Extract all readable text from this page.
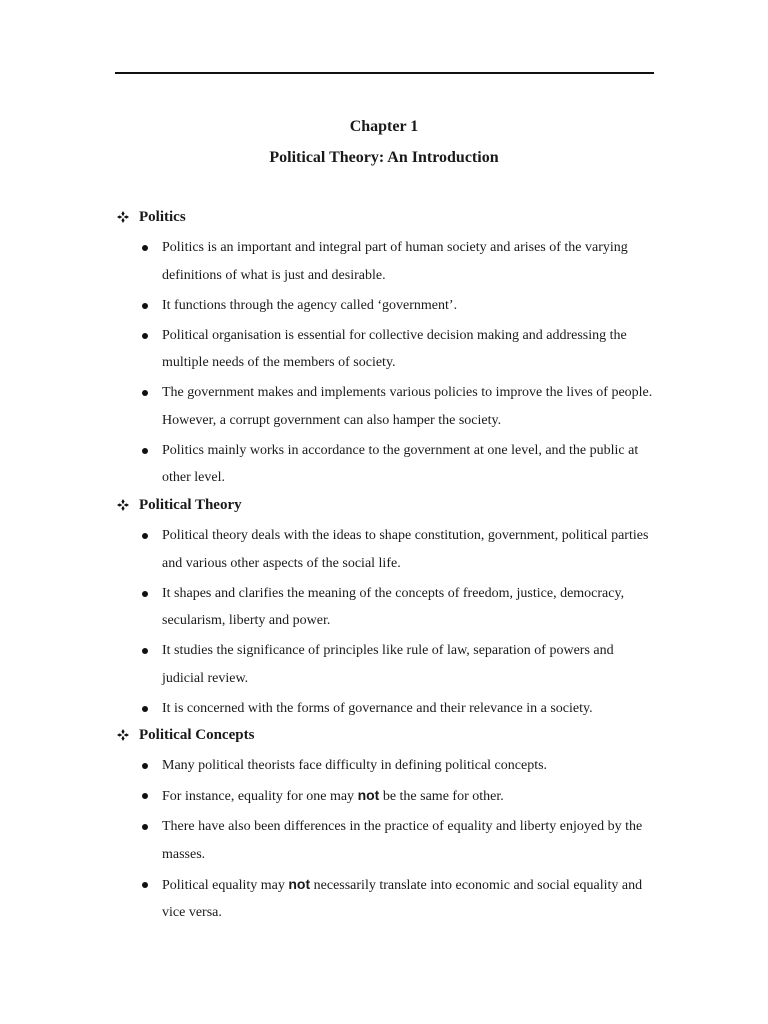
Chapter 1
Political Theory: An Introduction
Politics
Politics is an important and integral part of human society and arises of the varying definitions of what is just and desirable.
It functions through the agency called ‘government’.
Political organisation is essential for collective decision making and addressing the multiple needs of the members of society.
The government makes and implements various policies to improve the lives of people. However, a corrupt government can also hamper the society.
Politics mainly works in accordance to the government at one level, and the public at other level.
Political Theory
Political theory deals with the ideas to shape constitution, government, political parties and various other aspects of the social life.
It shapes and clarifies the meaning of the concepts of freedom, justice, democracy, secularism, liberty and power.
It studies the significance of principles like rule of law, separation of powers and judicial review.
It is concerned with the forms of governance and their relevance in a society.
Political Concepts
Many political theorists face difficulty in defining political concepts.
For instance, equality for one may not be the same for other.
There have also been differences in the practice of equality and liberty enjoyed by the masses.
Political equality may not necessarily translate into economic and social equality and vice versa.
